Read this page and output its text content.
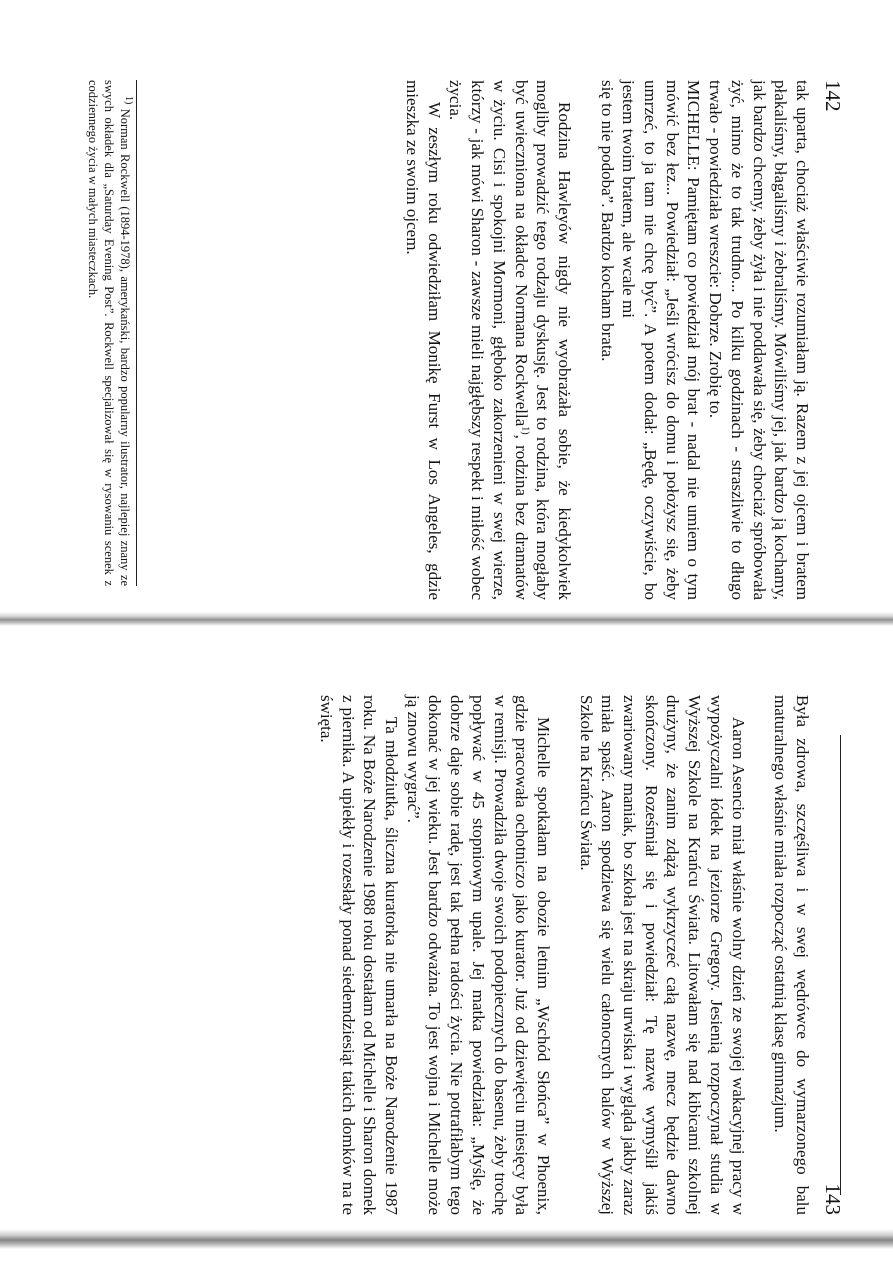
142

tak uparta, chociaż właściwie rozumiałam ją. Razem z jej ojcem i bratem płakaliśmy, błagaliśmy i żebraliśmy. Mówiliśmy jej, jak bardzo ją kochamy, jak bardzo chcemy, żeby żyła i nie poddawała się, żeby chociaż spróbowała żyć, mimo że to tak trudno... Po kilku godzinach - straszliwie to długo trwało - powiedziała wreszcie: Dobrze. Zrobię to.

MICHELLE: Pamiętam co powiedział mój brat - nadal nie umiem o tym mówić bez łez... Powiedział: „Jeśli wrócisz do domu i położysz się, żeby umrzeć, to ja tam nie chcę być”. A potem dodał: „Będę, oczywiście, bo jestem twoim bratem, ale wcale mi

się to nie podoba”. Bardzo kocham brata.

Rodzina Hawleyów nigdy nie wyobrażała sobie, że kiedykolwiek mogliby prowadzić tego rodzaju dyskusję. Jest to rodzina, która mogłaby być uwieczniona na okładce Normana Rockwella$^{1)}$, rodzina bez dramatów w życiu. Cisi i spokojni Mormoni, głęboko zakorzenieni w swej wierze, którzy - jak mówi Sharon - zawsze mieli najgłębszy respekt i miłość wobec życia.

W zeszłym roku odwiedziłam Monikę Furst w Los Angeles, gdzie mieszka ze swoim ojcem.

$^{1)}$ Norman Rockwell (1894-1978), amerykański, bardzo popularny ilustrator, najlepiej znany ze swych okładek dla „Saturday Evening Post”. Rockwell specjalizował się w rysowaniu scenek z codziennego życia w małych miasteczkach.

Była zdrowa, szczęśliwa i w swej wędrówce do wymarzonego balu maturalnego właśnie miała rozpocząć ostatnią klasę gimnazjum.

Aaron Asencio miał właśnie wolny dzień ze swojej wakacyjnej pracy w wypożyczalni łódek na jeziorze Gregory. Jesienią rozpoczynał studia w Wyższej Szkole na Krańcu Świata. Litowałam się nad kibicami szkolnej drużyny, że zanim zdążą wykrzyczeć całą nazwę, mecz będzie dawno skończony. Roześmiał się i powiedział: Tę nazwę wymyślił jakiś zwariowany maniak, bo szkoła jest na skraju urwiska i wygląda jakby zaraz miała spaść. Aaron spodziewa się wielu całonocnych balów w Wyższej Szkole na Krańcu Świata.

Michelle spotkałam na obozie letnim „Wschód Słońca” w Phoenix, gdzie pracowała ochotniczo jako kurator. Już od dziewięciu miesięcy była w remisji. Prowadziła dwoje swoich podopiecznych do basenu, żeby trochę popływać w 45 stopniowym upale. Jej matka powiedziała: „Myślę, że dobrze daje sobie radę, jest tak pełna radości życia. Nie potrafiłabym tego dokonać w jej wieku. Jest bardzo odważna. To jest wojna i Michelle może ją znowu wygrać”.

Ta młodziutka, śliczna kuratorka nie umarła na Boże Narodzenie 1987 roku. Na Boże Narodzenie 1988 roku dostałam od Michelle i Sharon domek z piernika. A upiekły i rozesłały ponad siedemdziesiąt takich domków na te święta.

143
